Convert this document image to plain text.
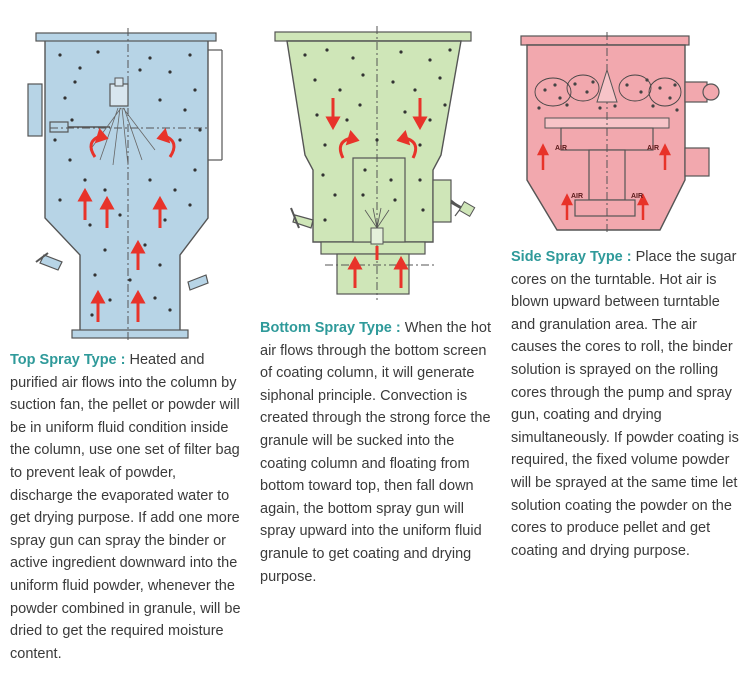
AIR	AIR
AIR	AIR
Top Spray Type : Heated and purified air flows into the column by suction fan, the pellet or powder will be in uniform fluid condition inside the column, use one set of filter bag to prevent leak of powder, discharge the evaporated water to get drying purpose. If add one more spray gun can spray the binder or active ingredient downward into the uniform fluid powder, whenever the powder combined in granule, will be dried to get the required moisture content.
Bottom Spray Type : When the hot air flows through the bottom screen of coating column, it will generate siphonal principle. Convection is created through the strong force the granule will be sucked into the coating column and floating from bottom toward top, then fall down again, the bottom spray gun will spray upward into the uniform fluid granule to get coating and drying purpose.
Side Spray Type : Place the sugar cores on the turntable. Hot air is blown upward between turntable and granulation area. The air causes the cores to roll, the binder solution is sprayed on the rolling cores through the pump and spray gun, coating and drying simultaneously. If powder coating is required, the fixed volume powder will be sprayed at the same time let solution coating the powder on the cores to produce pellet and get coating and drying purpose.
